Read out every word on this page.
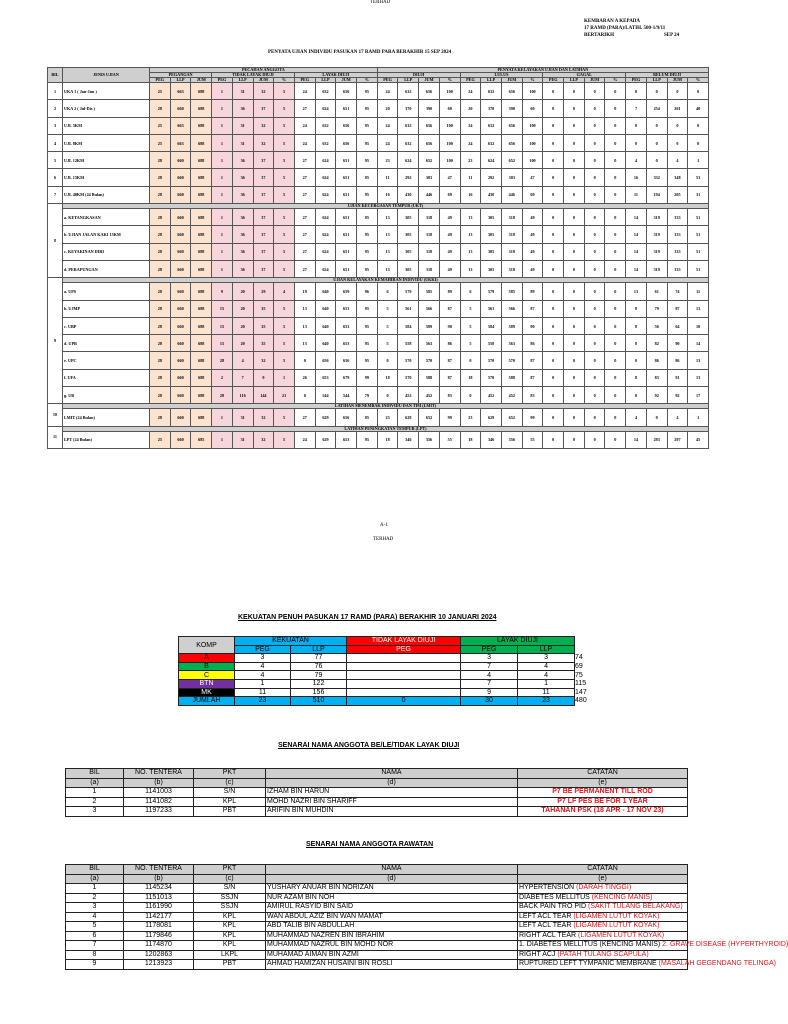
TERHAD
KEMBARAN A KEPADA
17 RAMD (PARA)/LATIH. 500-1/9/11
BERTARIKH	SEP 24
PENYATA UJIAN INDIVIDU PASUKAN 17 RAMD PARA BERAKHIR 15 SEP 2024
BIL	JENIS UJIAN	PECAHAN ANGGOTA											PENYATA KELAYAKAN UJIAN DAN LATIHAN															
		PEGANGAN			TIDAK LAYAK DIUJI				LAYAK DIUJI				DIUJI				LULUS				GAGAL				BELUM DIUJI			
		PEG	LLP	JUM	PEG	LLP	JUM	%	PEG	LLP	JUM	%	PEG	LLP	JUM	%	PEG	LLP	JUM	%	PEG	LLP	JUM	%	PEG	LLP	JUM	%
1	UKA 1 ( Jan-Jun )	25	663	688	1	31	32	5	24	632	656	95	24	632	656	100	24	632	656	100	0	0	0	0	0	0	0	0
2	UKA 2 ( Jul-Dis )	28	660	688	1	36	37	5	27	624	651	95	20	370	390	60	20	370	390	60	0	0	0	0	7	254	261	40
3	UJL 5KM	25	663	688	1	31	32	5	24	632	656	95	24	632	656	100	24	632	656	100	0	0	0	0	0	0	0	0
4	UJL 8KM	25	663	688	1	31	32	5	24	632	656	95	24	632	656	100	24	632	656	100	0	0	0	0	0	0	0	0
5	UJL 12KM	28	660	688	1	36	37	5	27	624	651	95	23	624	652	100	23	624	652	100	0	0	0	0	4	0	4	1
6	UJL 15KM	28	660	688	1	36	37	5	27	624	651	95	11	292	303	47	11	292	303	47	0	0	0	0	16	332	348	53
7	UJL 48KM (24 Bulan)	28	660	688	1	36	37	5	27	624	651	95	16	430	446	69	16	430	446	69	0	0	0	0	11	194	205	31
8	UJIAN KECERGASAN TEMPUR (UKT)																											
	a. KETANGKASAN	28	660	688	1	36	37	5	27	624	651	95	13	305	318	49	13	305	318	49	0	0	0	0	14	319	333	51
	b. UJIAN JALAN KAKI 15KM	28	660	688	1	36	37	5	27	624	651	95	13	305	318	49	13	305	318	49	0	0	0	0	14	319	333	51
	c. KEYAKINAN DIRI	28	660	688	1	36	37	5	27	624	651	95	13	305	318	49	13	305	318	49	0	0	0	0	14	319	333	51
	d. PERAPUNGAN	28	660	688	1	36	37	5	27	624	651	95	13	305	318	49	13	305	318	49	0	0	0	0	14	319	333	51
9	UJIAN KELAYAKAN KEMAHIRAN INDIVIDU (UKKI)																											
	a. UPS	28	660	688	9	20	29	4	19	640	659	96	6	579	585	89	6	579	585	89	0	0	0	0	13	61	74	11
	b. UJMP	28	660	688	15	20	35	5	13	640	653	95	5	561	566	87	5	561	566	87	0	0	0	0	8	79	87	13
	c. UBP	28	660	688	15	20	35	5	13	640	653	95	5	584	589	90	5	584	589	90	0	0	0	0	8	56	64	10
	d. UPR	28	660	688	15	20	35	5	13	640	653	95	5	558	563	86	5	558	563	86	0	0	0	0	8	82	90	14
	e. UPC	28	660	688	28	4	32	5	0	656	656	95	0	570	570	87	0	570	570	87	0	0	0	0	0	86	86	13
	f. UFA	28	660	688	2	7	9	1	26	653	679	99	18	570	588	87	18	570	588	87	0	0	0	0	8	83	91	13
	g. UB	28	660	688	28	116	144	21	0	544	544	79	0	452	452	83	0	452	452	83	0	0	0	0	0	92	92	17
10	LATIHAN MENEMBAK INDIVIDU DAN TIM (LMIT)																											
	LMIT (24 Bulan)	28	660	688	1	31	32	5	27	629	656	95	23	629	652	99	23	629	652	99	0	0	0	0	4	0	4	1
11	LATIHAN PENINGKATAN TEMPUR (LPT)																											
	LPT (24 Bulan)	25	660	685	1	31	32	5	24	629	653	95	18	346	356	55	18	346	356	55	0	0	0	0	14	283	297	45
A-1
TERHAD
KEKUATAN PENUH PASUKAN 17 RAMD (PARA) BERAKHIR 10 JANUARI 2024
KOMP	KEKUATAN		TIDAK LAYAK DIUJI	LAYAK DIUJI		
	PEG	LLP	PEG	PEG	LLP	
A	3	77		3	3	74
B	4	76		7	4	69
C	4	79		4	4	75
BTN	1	122		7	1	115
MK	11	156		9	11	147
JUMLAH	23	510	0	30	23	480
SENARAI NAMA ANGGOTA BE/LE/TIDAK LAYAK DIUJI
BIL	NO. TENTERA	PKT	NAMA	CATATAN
(a)	(b)	(c)	(d)	(e)
1	1141003	S/N	IZHAM BIN HARUN	P7 BE PERMANENT TILL ROD
2	1141082	KPL	MOHD NAZRI BIN SHARIFF	P7 LF PES BE FOR 1 YEAR
3	1197233	PBT	ARIFIN BIN MUHDIN	TAHANAN PSK (18 APR - 17 NOV 23)
SENARAI NAMA ANGGOTA RAWATAN
BIL	NO. TENTERA	PKT	NAMA	CATATAN
(a)	(b)	(c)	(d)	(e)
1	1145234	S/N	YUSHARY ANUAR BIN NORIZAN	HYPERTENSION (DARAH TINGGI)
2	1151013	SSJN	NUR AZAM BIN NOH	DIABETES MELLITUS (KENCING MANIS)
3	1161990	SSJN	AMIRUL RASYID BIN SAID	BACK PAIN TRO PID (SAKIT TULANG BELAKANG)
4	1142177	KPL	WAN ABDUL AZIZ BIN WAN MAMAT	LEFT ACL TEAR (LIGAMEN LUTUT KOYAK)
5	1178081	KPL	ABD TALIB BIN ABDULLAH	LEFT ACL TEAR (LIGAMEN LUTUT KOYAK)
6	1179846	KPL	MUHAMMAD NAZREN BIN IBRAHIM	RIGHT ACL TEAR (LIGAMEN LUTUT KOYAK)
7	1174870	KPL	MUHAMMAD NAZRUL BIN MOHD NOR	1. DIABETES MELLITUS (KENCING MANIS) 2. GRAVE DISEASE (HYPERTHYROID)
8	1202863	LKPL	MUHAMAD AIMAN BIN AZMI	RIGHT ACJ (PATAH TULANG SCAPULA)
9	1213923	PBT	AHMAD HAMIZAN HUSAINI BIN ROSLI	RUPTURED LEFT TYMPANIC MEMBRANE (MASALAH GEGENDANG TELINGA)
